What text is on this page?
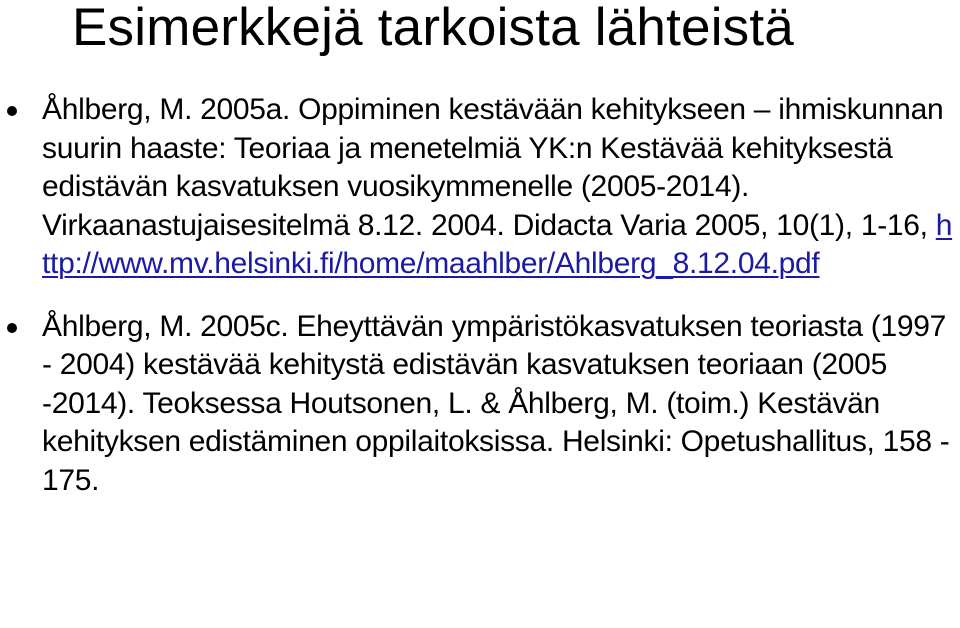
Esimerkkejä tarkoista lähteistä
Åhlberg, M. 2005a. Oppiminen kestävään kehitykseen – ihmiskunnan suurin haaste: Teoriaa ja menetelmiä YK:n Kestävää kehityksestä edistävän kasvatuksen vuosikymmenelle (2005-2014). Virkaanastujaisesitelmä 8.12. 2004. Didacta Varia 2005, 10(1), 1-16, http://www.mv.helsinki.fi/home/maahlber/Ahlberg_8.12.04.pdf
Åhlberg, M. 2005c. Eheyttävän ympäristökasvatuksen teoriasta (1997 - 2004) kestävää kehitystä edistävän kasvatuksen teoriaan (2005 -2014). Teoksessa Houtsonen, L. & Åhlberg, M. (toim.) Kestävän kehityksen edistäminen oppilaitoksissa. Helsinki: Opetushallitus, 158 - 175.
